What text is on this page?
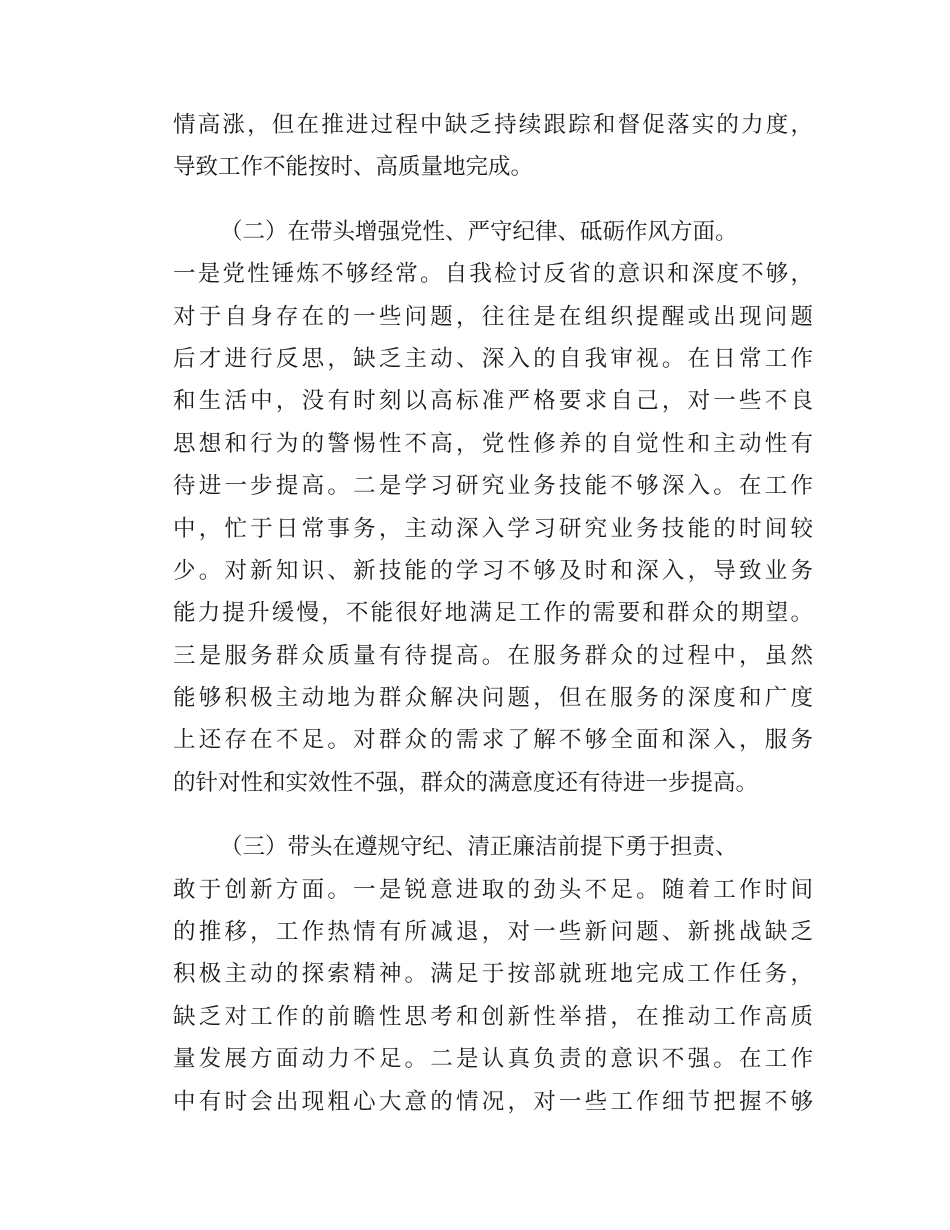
情高涨，但在推进过程中缺乏持续跟踪和督促落实的力度，
导致工作不能按时、高质量地完成。
（二）在带头增强党性、严守纪律、砥砺作风方面。
一是党性锤炼不够经常。自我检讨反省的意识和深度不够，
对于自身存在的一些问题，往往是在组织提醒或出现问题
后才进行反思，缺乏主动、深入的自我审视。在日常工作
和生活中，没有时刻以高标准严格要求自己，对一些不良
思想和行为的警惕性不高，党性修养的自觉性和主动性有
待进一步提高。二是学习研究业务技能不够深入。在工作
中，忙于日常事务，主动深入学习研究业务技能的时间较
少。对新知识、新技能的学习不够及时和深入，导致业务
能力提升缓慢，不能很好地满足工作的需要和群众的期望。
三是服务群众质量有待提高。在服务群众的过程中，虽然
能够积极主动地为群众解决问题，但在服务的深度和广度
上还存在不足。对群众的需求了解不够全面和深入，服务
的针对性和实效性不强，群众的满意度还有待进一步提高。
（三）带头在遵规守纪、清正廉洁前提下勇于担责、
敢于创新方面。一是锐意进取的劲头不足。随着工作时间
的推移，工作热情有所减退，对一些新问题、新挑战缺乏
积极主动的探索精神。满足于按部就班地完成工作任务，
缺乏对工作的前瞻性思考和创新性举措，在推动工作高质
量发展方面动力不足。二是认真负责的意识不强。在工作
中有时会出现粗心大意的情况，对一些工作细节把握不够
